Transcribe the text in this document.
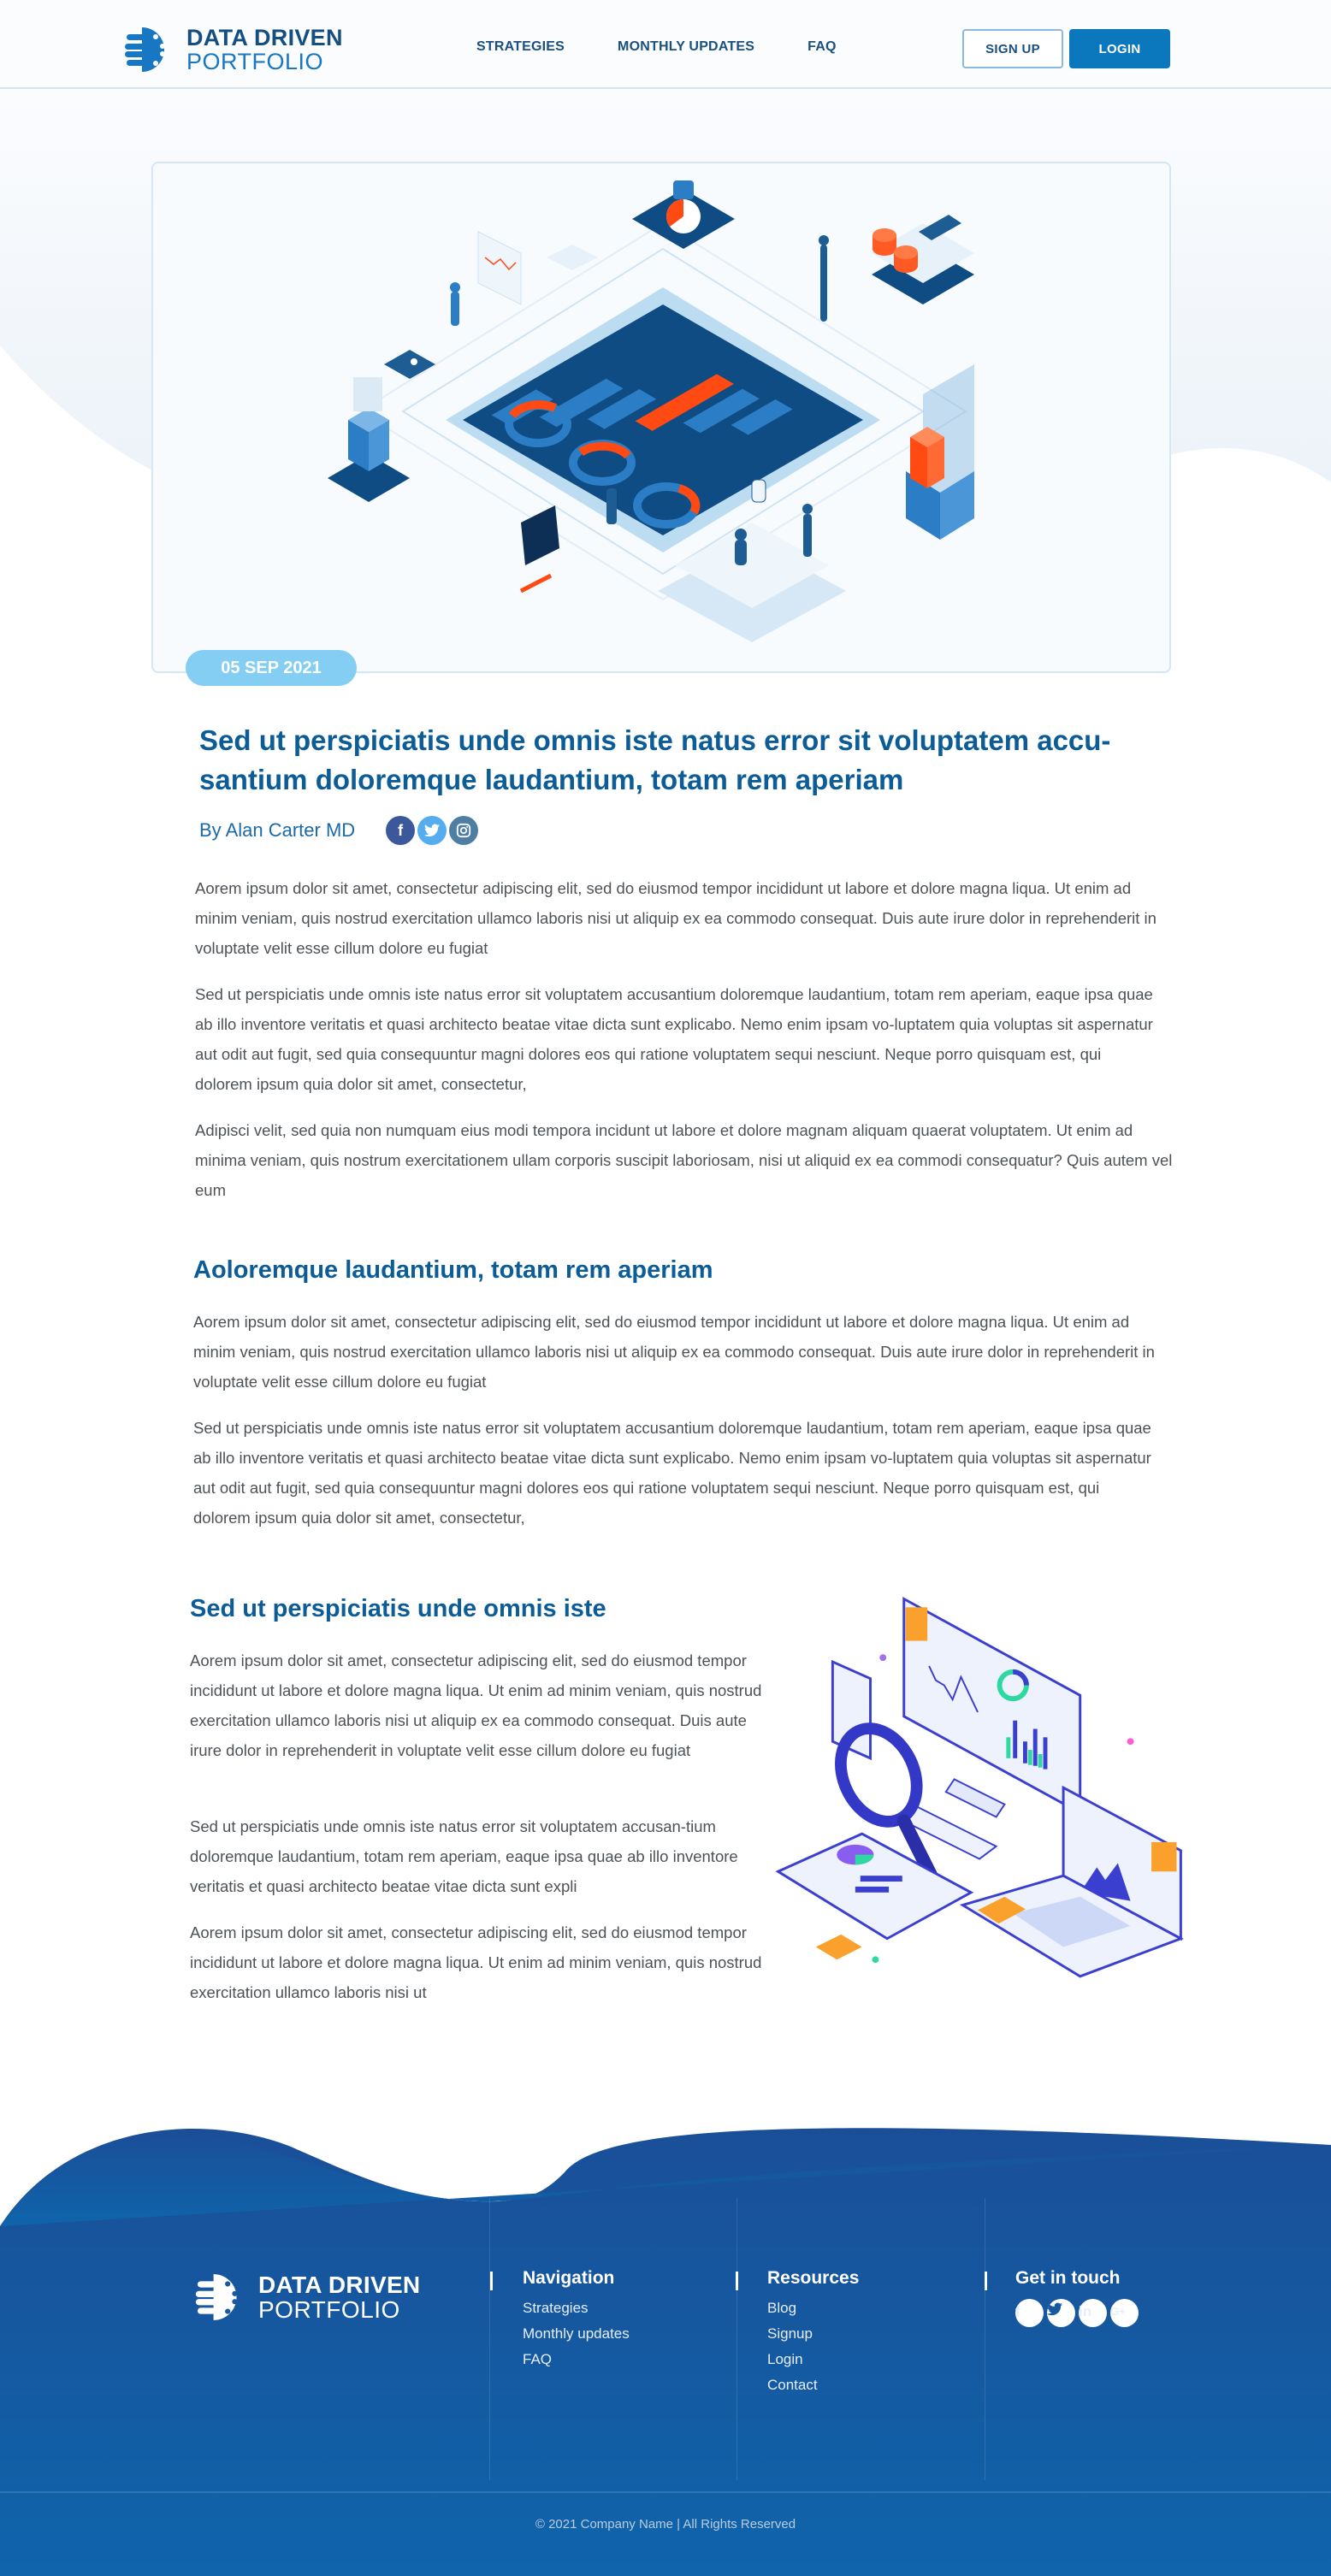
DATA DRIVEN
PORTFOLIO
STRATEGIES	MONTHLY UPDATES	FAQ	SIGN UP	LOGIN
05 SEP 2021
Sed ut perspiciatis unde omnis iste natus error sit voluptatem accu-santium doloremque laudantium, totam rem aperiam
By Alan Carter MD	f

Aorem ipsum dolor sit amet, consectetur adipiscing elit, sed do eiusmod tempor incididunt ut labore et dolore magna liqua. Ut enim ad minim veniam, quis nostrud exercitation ullamco laboris nisi ut aliquip ex ea commodo consequat. Duis aute irure dolor in reprehenderit in voluptate velit esse cillum dolore eu fugiat

Sed ut perspiciatis unde omnis iste natus error sit voluptatem accusantium doloremque laudantium, totam rem aperiam, eaque ipsa quae ab illo inventore veritatis et quasi architecto beatae vitae dicta sunt explicabo. Nemo enim ipsam vo-luptatem quia voluptas sit aspernatur aut odit aut fugit, sed quia consequuntur magni dolores eos qui ratione voluptatem sequi nesciunt. Neque porro quisquam est, qui dolorem ipsum quia dolor sit amet, consectetur,

Adipisci velit, sed quia non numquam eius modi tempora incidunt ut labore et dolore magnam aliquam quaerat voluptatem. Ut enim ad minima veniam, quis nostrum exercitationem ullam corporis suscipit laboriosam, nisi ut aliquid ex ea commodi consequatur? Quis autem vel eum

Aoloremque laudantium, totam rem aperiam

Aorem ipsum dolor sit amet, consectetur adipiscing elit, sed do eiusmod tempor incididunt ut labore et dolore magna liqua. Ut enim ad minim veniam, quis nostrud exercitation ullamco laboris nisi ut aliquip ex ea commodo consequat. Duis aute irure dolor in reprehenderit in voluptate velit esse cillum dolore eu fugiat

Sed ut perspiciatis unde omnis iste natus error sit voluptatem accusantium doloremque laudantium, totam rem aperiam, eaque ipsa quae ab illo inventore veritatis et quasi architecto beatae vitae dicta sunt explicabo. Nemo enim ipsam vo-luptatem quia voluptas sit aspernatur aut odit aut fugit, sed quia consequuntur magni dolores eos qui ratione voluptatem sequi nesciunt. Neque porro quisquam est, qui dolorem ipsum quia dolor sit amet, consectetur,

Sed ut perspiciatis unde omnis iste

Aorem ipsum dolor sit amet, consectetur adipiscing elit, sed do eiusmod tempor incididunt ut labore et dolore magna liqua. Ut enim ad minim veniam, quis nostrud exercitation ullamco laboris nisi ut aliquip ex ea commodo consequat. Duis aute irure dolor in reprehenderit in voluptate velit esse cillum dolore eu fugiat

Sed ut perspiciatis unde omnis iste natus error sit voluptatem accusan-tium doloremque laudantium, totam rem aperiam, eaque ipsa quae ab illo inventore veritatis et quasi architecto beatae vitae dicta sunt expli

Aorem ipsum dolor sit amet, consectetur adipiscing elit, sed do eiusmod tempor incididunt ut labore et dolore magna liqua. Ut enim ad minim veniam, quis nostrud exercitation ullamco laboris nisi ut

DATA DRIVEN
PORTFOLIO
Navigation
Strategies
Monthly updates
FAQ
Resources
Blog
Signup
Login
Contact
Get in touch
f	in	G+
© 2021 Company Name | All Rights Reserved
